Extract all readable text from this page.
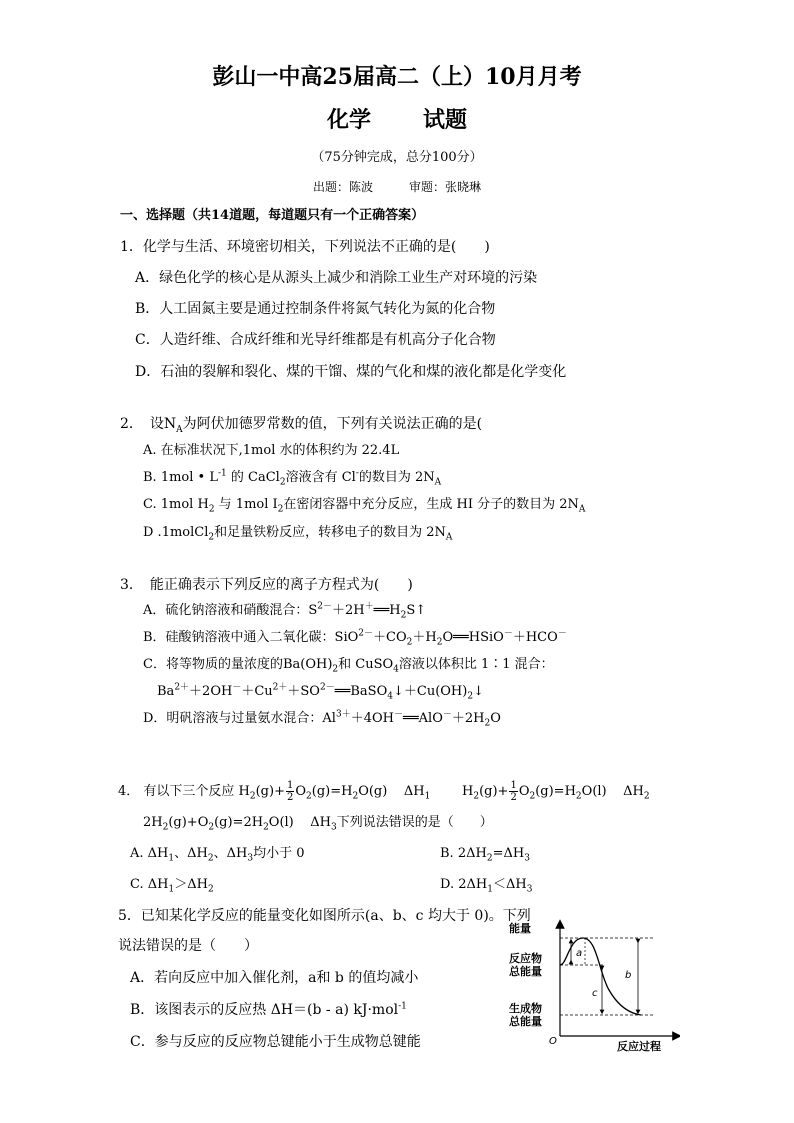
彭山一中高25届高二（上）10月月考
化学 试题
（75分钟完成，总分100分）
出题：陈波	审题：张晓琳
一、选择题（共14道题，每道题只有一个正确答案）
1．化学与生活、环境密切相关，下列说法不正确的是(　　)
A．绿色化学的核心是从源头上减少和消除工业生产对环境的污染
B．人工固氮主要是通过控制条件将氮气转化为氮的化合物
C．人造纤维、合成纤维和光导纤维都是有机高分子化合物
D．石油的裂解和裂化、煤的干馏、煤的气化和煤的液化都是化学变化
2．　设$N_A$为阿伏加德罗常数的值，下列有关说法正确的是(
A. 在标准状况下,1mol 水的体积约为 22.4L
B. 1mol • $L^{-1}$ 的 CaCl$_2$溶液含有 Cl-的数目为 $2N_A$
C. 1mol $H_2$ 与 1mol $I_2$在密闭容器中充分反应，生成 HI 分子的数目为 $2N_A$
D .1molCl$_2$和足量铁粉反应，转移电子的数目为 $2N_A$
3．　能正确表示下列反应的离子方程式为(　　)
A．硫化钠溶液和硝酸混合：$S^{2-}+2H^+══H_2S↑$
B．硅酸钠溶液中通入二氧化碳：$SiO^{2-}+CO_2+H_2O══HSiO^-+HCO^-$
C．将等物质的量浓度的$Ba(OH)_2$和 CuSO$_4$溶液以体积比 1∶1 混合：
$Ba^{2+}+2OH^-+Cu^{2+}+SO^{2-}══BaSO_4↓+Cu(OH)_2↓$
D．明矾溶液与过量氨水混合：$Al^{3+}+4OH^-══AlO^-+2H_2O$
4． 有以下三个反应 $H_2(g)+ \frac{1}{2} O_2(g)=H_2O(g)$ $\Delta H_1$ $H_2(g)+ \frac{1}{2} O_2(g)=H_2O(l)$ $\Delta H_2$
$2H_2(g)+O_2(g)=2H_2O(l)$ $\Delta H_3$下列说法错误的是（　　）
A. $\Delta H_1$、$\Delta H_2$、$\Delta H_3$均小于 0	B. $2\Delta H_2=\Delta H_3$
C. $\Delta H_1>\Delta H_2$	D. $2\Delta H_1<\Delta H_3$
5．已知某化学反应的能量变化如图所示(a、b、c 均大于 0)。下列
说法错误的是（　　）
A．若向反应中加入催化剂，a和 b 的值均减小
B．该图表示的反应热 ΔH＝(b - a) kJ·mol$^{-1}$
C．参与反应的反应物总键能小于生成物总键能
a
b
c
能量
反应物
总能量
生成物
总能量
O	反应过程
